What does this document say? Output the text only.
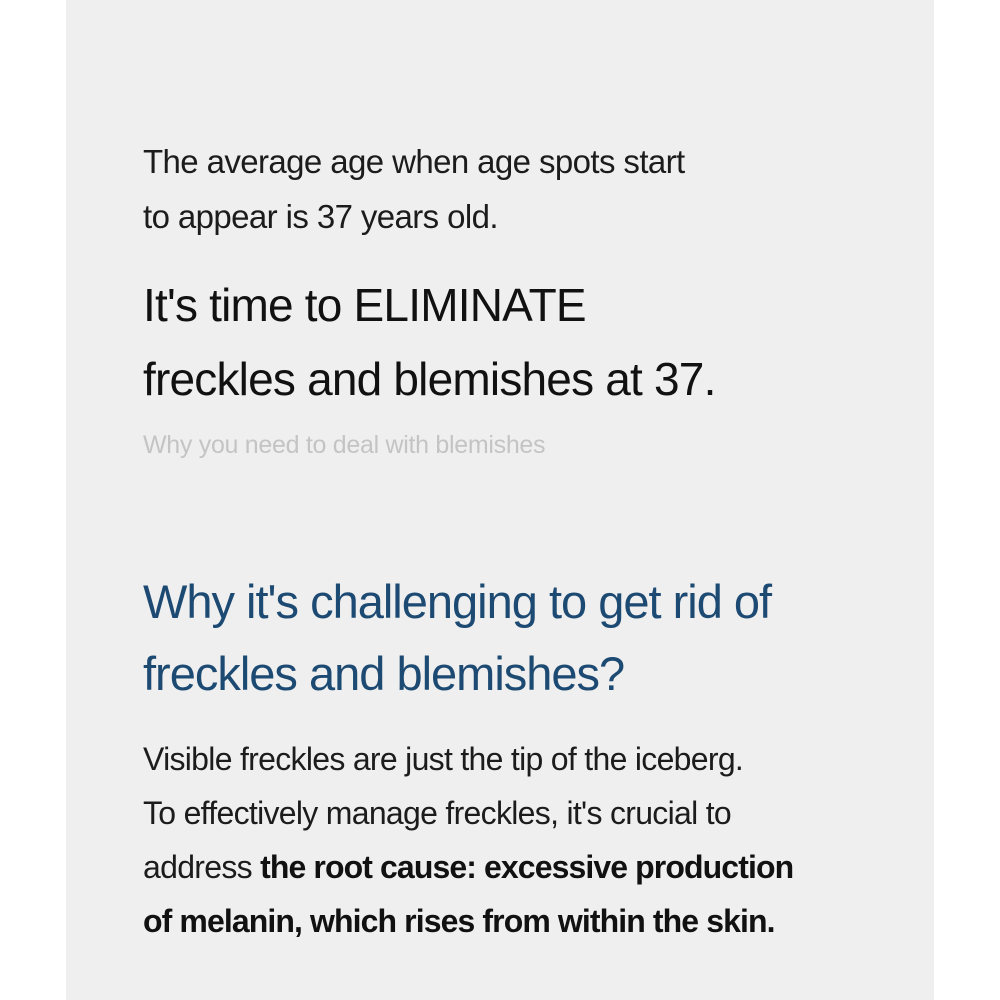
The average age when age spots start

to appear is 37 years old.

It's time to ELIMINATE

freckles and blemishes at 37.

Why you need to deal with blemishes

Why it's challenging to get rid of

freckles and blemishes?

Visible freckles are just the tip of the iceberg.

To effectively manage freckles, it's crucial to

address the root cause: excessive production

of melanin, which rises from within the skin.
